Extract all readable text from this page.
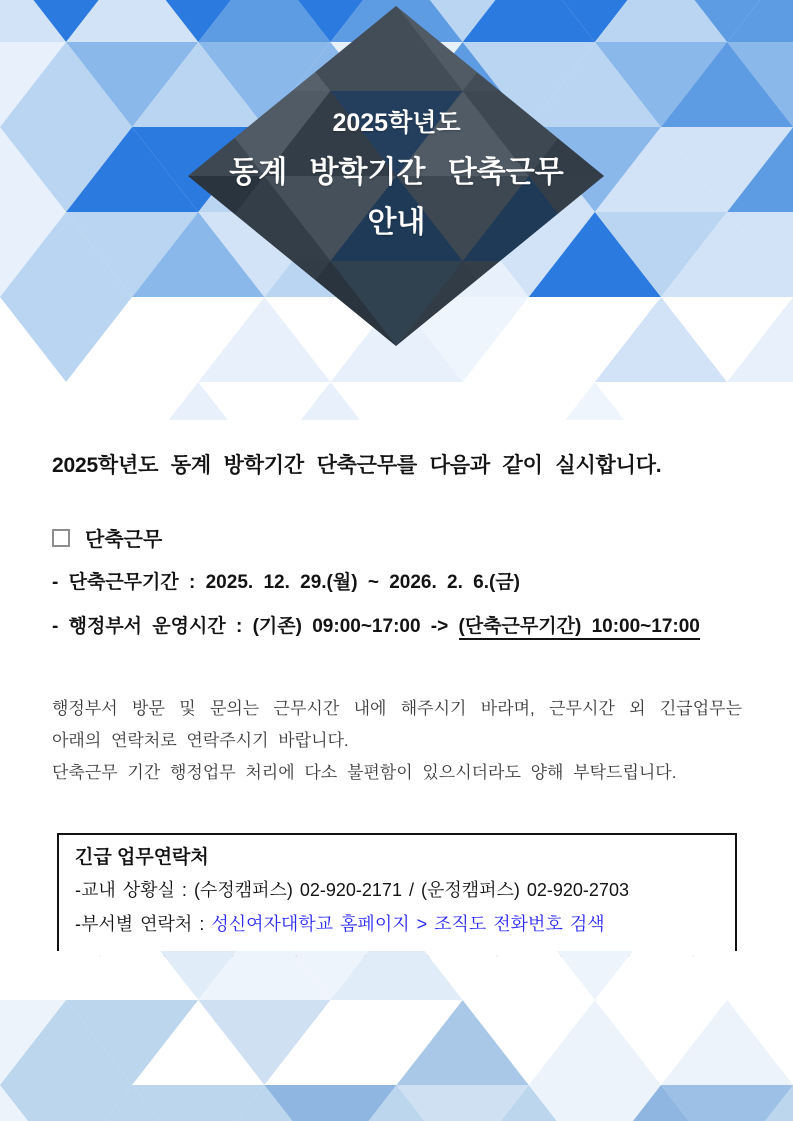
2025학년도
동계 방학기간 단축근무
안내
2025학년도 동계 방학기간 단축근무를 다음과 같이 실시합니다.
단축근무
- 단축근무기간 : 2025. 12. 29.(월) ~ 2026. 2. 6.(금)
- 행정부서 운영시간 : (기존) 09:00~17:00 -> (단축근무기간) 10:00~17:00
행정부서 방문 및 문의는 근무시간 내에 해주시기 바라며, 근무시간 외 긴급업무는
아래의 연락처로 연락주시기 바랍니다.
단축근무 기간 행정업무 처리에 다소 불편함이 있으시더라도 양해 부탁드립니다.
긴급 업무연락처
-교내 상황실 : (수정캠퍼스) 02-920-2171 / (운정캠퍼스) 02-920-2703
-부서별 연락처 : 성신여자대학교 홈페이지 > 조직도 전화번호 검색
